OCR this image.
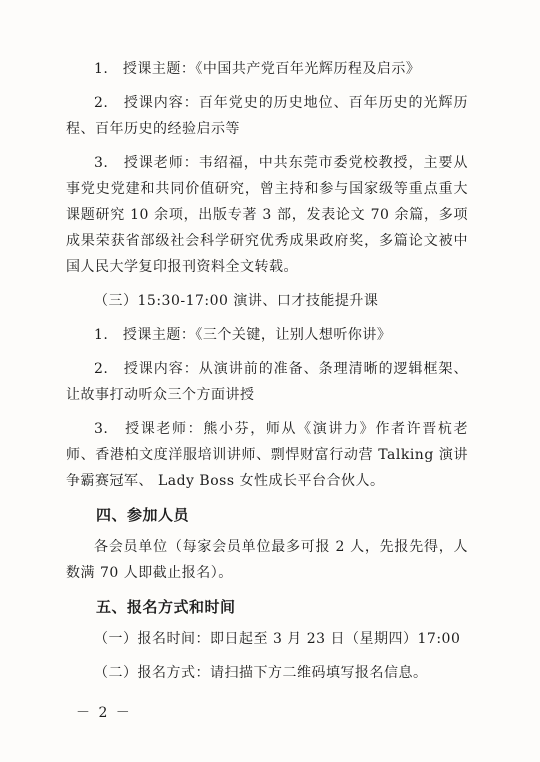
1.　授课主题：《中国共产党百年光辉历程及启示》

2.　授课内容：百年党史的历史地位、百年历史的光辉历程、百年历史的经验启示等

3.　授课老师：韦绍福，中共东莞市委党校教授，主要从事党史党建和共同价值研究，曾主持和参与国家级等重点重大课题研究 10 余项，出版专著 3 部，发表论文 70 余篇，多项成果荣获省部级社会科学研究优秀成果政府奖，多篇论文被中国人民大学复印报刊资料全文转载。

（三）15:30-17:00 演讲、口才技能提升课

1.　授课主题：《三个关键，让别人想听你讲》

2.　授课内容：从演讲前的准备、条理清晰的逻辑框架、让故事打动听众三个方面讲授

3.　授课老师：熊小芬，师从《演讲力》作者许晋杭老师、香港柏文度洋服培训讲师、剽悍财富行动营 Talking 演讲争霸赛冠军、 Lady Boss 女性成长平台合伙人。

四、参加人员

各会员单位（每家会员单位最多可报 2 人，先报先得，人数满 70 人即截止报名）。

五、报名方式和时间

（一）报名时间：即日起至 3 月 23 日（星期四）17:00

（二）报名方式：请扫描下方二维码填写报名信息。

－ 2 －
